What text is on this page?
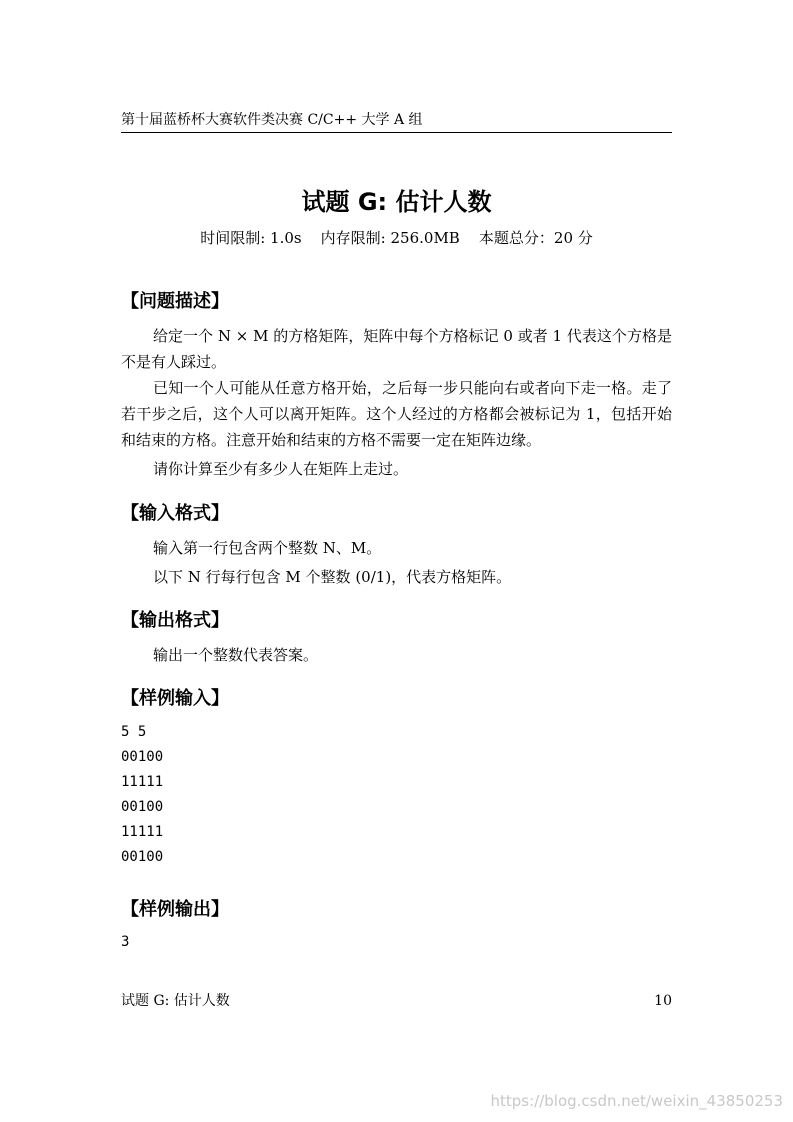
第十届蓝桥杯大赛软件类决赛 C/C++ 大学 A 组
试题 G: 估计人数
时间限制: 1.0s    内存限制: 256.0MB    本题总分：20 分
【问题描述】
给定一个 N × M 的方格矩阵，矩阵中每个方格标记 0 或者 1 代表这个方格是不是有人踩过。
已知一个人可能从任意方格开始，之后每一步只能向右或者向下走一格。走了若干步之后，这个人可以离开矩阵。这个人经过的方格都会被标记为 1，包括开始和结束的方格。注意开始和结束的方格不需要一定在矩阵边缘。
请你计算至少有多少人在矩阵上走过。
【输入格式】
输入第一行包含两个整数 N、M。
以下 N 行每行包含 M 个整数 (0/1)，代表方格矩阵。
【输出格式】
输出一个整数代表答案。
【样例输入】
5 5
00100
11111
00100
11111
00100
【样例输出】
3
试题 G: 估计人数	10
https://blog.csdn.net/weixin_43850253
